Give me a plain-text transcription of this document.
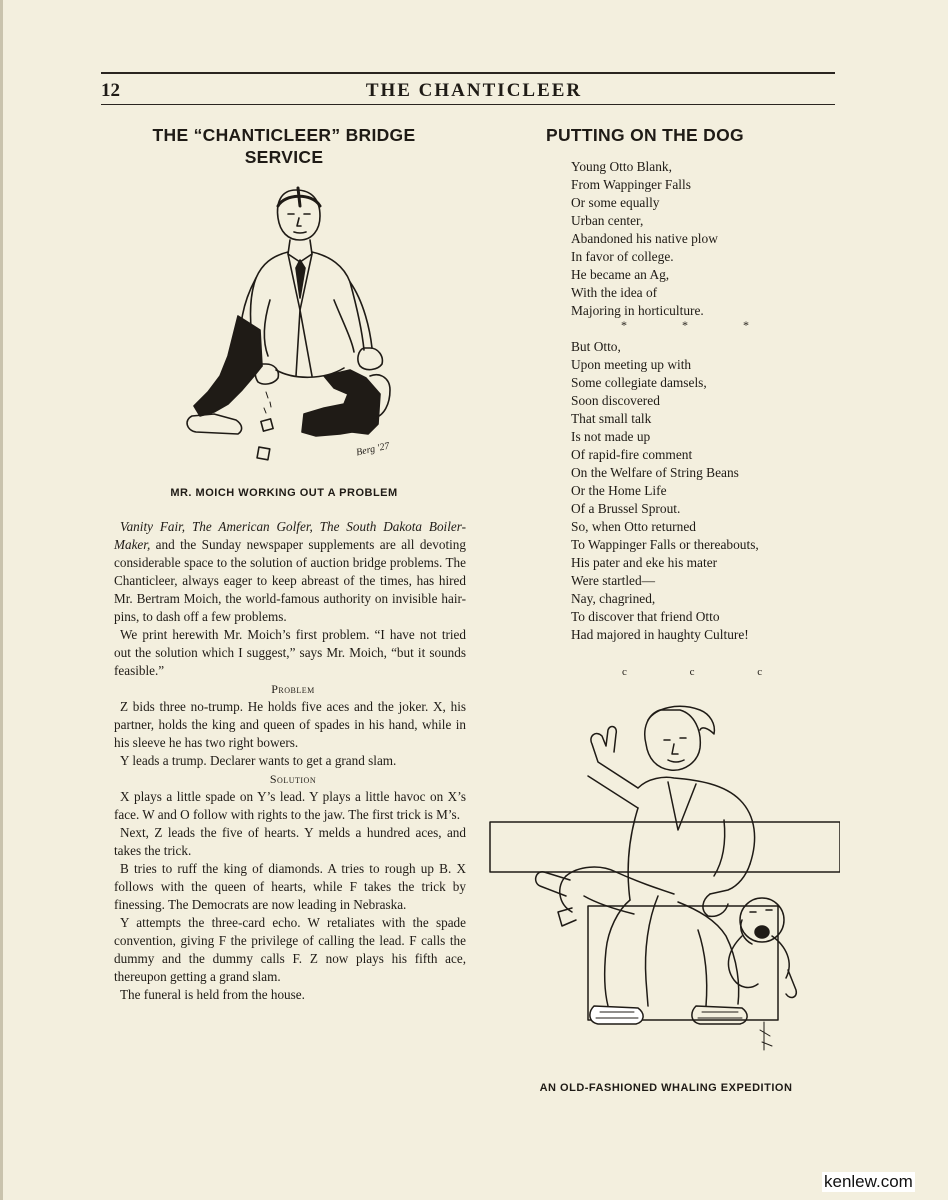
12	THE CHANTICLEER
THE “CHANTICLEER” BRIDGE
SERVICE
Berg '27
MR. MOICH WORKING OUT A PROBLEM

Vanity Fair, The American Golfer, The South Dakota Boiler-Maker, and the Sunday newspaper supplements are all devoting considerable space to the solution of auction bridge problems. The Chanticleer, always eager to keep abreast of the times, has hired Mr. Bertram Moich, the world-famous authority on invisible hair-pins, to dash off a few problems.

We print herewith Mr. Moich’s first problem. “I have not tried out the solution which I suggest,” says Mr. Moich, “but it sounds feasible.”

Problem

Z bids three no-trump. He holds five aces and the joker. X, his partner, holds the king and queen of spades in his hand, while in his sleeve he has two right bowers.

Y leads a trump. Declarer wants to get a grand slam.

Solution

X plays a little spade on Y’s lead. Y plays a little havoc on X’s face. W and O follow with rights to the jaw. The first trick is M’s.

Next, Z leads the five of hearts. Y melds a hundred aces, and takes the trick.

B tries to ruff the king of diamonds. A tries to rough up B. X follows with the queen of hearts, while F takes the trick by finessing. The Democrats are now leading in Nebraska.

Y attempts the three-card echo. W retaliates with the spade convention, giving F the privilege of calling the lead. F calls the dummy and the dummy calls F. Z now plays his fifth ace, thereupon getting a grand slam.

The funeral is held from the house.

PUTTING ON THE DOG
Young Otto Blank,
From Wappinger Falls
Or some equally
Urban center,
Abandoned his native plow
In favor of college.
He became an Ag,
With the idea of
Majoring in horticulture.
* * *
But Otto,
Upon meeting up with
Some collegiate damsels,
Soon discovered
That small talk
Is not made up
Of rapid-fire comment
On the Welfare of String Beans
Or the Home Life
Of a Brussel Sprout.
So, when Otto returned
To Wappinger Falls or thereabouts,
His pater and eke his mater
Were startled—
Nay, chagrined,
To discover that friend Otto
Had majored in haughty Culture!
c c c
AN OLD-FASHIONED WHALING EXPEDITION
kenlew.com
